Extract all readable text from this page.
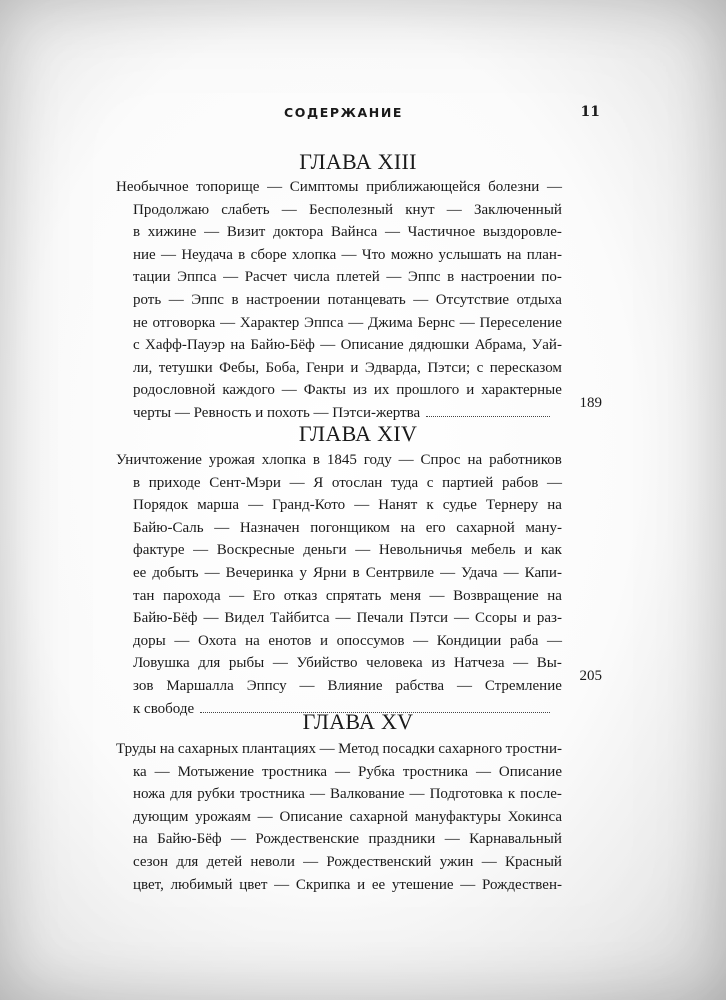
СОДЕРЖАНИЕ	11
ГЛАВА XIII
Необычное топорище — Симптомы приближающейся болезни —
Продолжаю слабеть — Бесполезный кнут — Заключенный
в хижине — Визит доктора Вайнса — Частичное выздоровле-
ние — Неудача в сборе хлопка — Что можно услышать на план-
тации Эппса — Расчет числа плетей — Эппс в настроении по-
роть — Эппс в настроении потанцевать — Отсутствие отдыха
не отговорка — Характер Эппса — Джима Бернс — Переселение
с Хафф-Пауэр на Байю-Бёф — Описание дядюшки Абрама, Уай-
ли, тетушки Фебы, Боба, Генри и Эдварда, Пэтси; с пересказом
родословной каждого — Факты из их прошлого и характерные
черты — Ревность и похоть — Пэтси-жертва
189
ГЛАВА XIV
Уничтожение урожая хлопка в 1845 году — Спрос на работников
в приходе Сент-Мэри — Я отослан туда с партией рабов —
Порядок марша — Гранд-Кото — Нанят к судье Тернеру на
Байю-Саль — Назначен погонщиком на его сахарной ману-
фактуре — Воскресные деньги — Невольничья мебель и как
ее добыть — Вечеринка у Ярни в Сентрвиле — Удача — Капи-
тан парохода — Его отказ спрятать меня — Возвращение на
Байю-Бёф — Видел Тайбитса — Печали Пэтси — Ссоры и раз-
доры — Охота на енотов и опоссумов — Кондиции раба —
Ловушка для рыбы — Убийство человека из Натчеза — Вы-
зов Маршалла Эппсу — Влияние рабства — Стремление
к свободе
205
ГЛАВА XV
Труды на сахарных плантациях — Метод посадки сахарного тростни-
ка — Мотыжение тростника — Рубка тростника — Описание
ножа для рубки тростника — Валкование — Подготовка к после-
дующим урожаям — Описание сахарной мануфактуры Хокинса
на Байю-Бёф — Рождественские праздники — Карнавальный
сезон для детей неволи — Рождественский ужин — Красный
цвет, любимый цвет — Скрипка и ее утешение — Рождествен-
